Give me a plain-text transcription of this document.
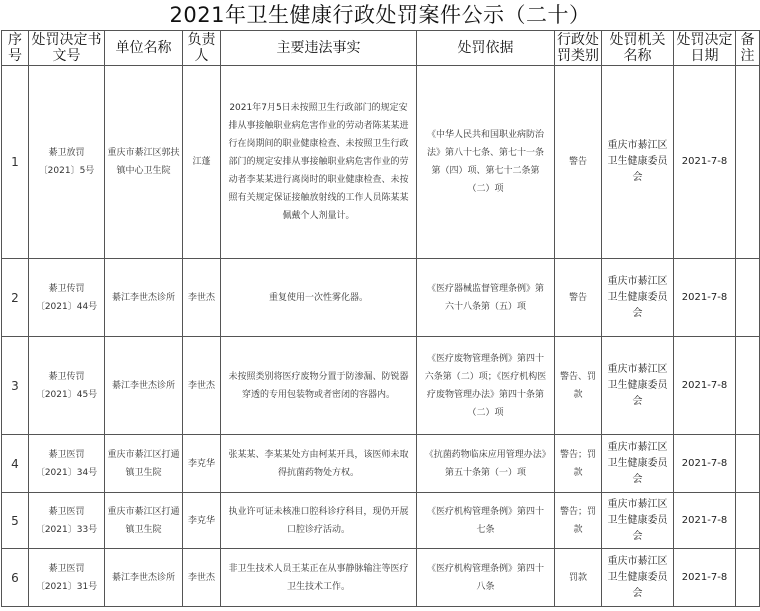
2021年卫生健康行政处罚案件公示（二十）
序号	处罚决定书文号	单位名称	负责人	主要违法事实	处罚依据	行政处罚类别	处罚机关名称	处罚决定日期	备注
1	綦卫放罚〔2021〕5号	重庆市綦江区郭扶镇中心卫生院	江蓬	2021年7月5日未按照卫生行政部门的规定安排从事接触职业病危害作业的劳动者陈某某进行在岗期间的职业健康检查、未按照卫生行政部门的规定安排从事接触职业病危害作业的劳动者李某某进行离岗时的职业健康检查、未按照有关规定保证接触放射线的工作人员陈某某佩戴个人剂量计。	《中华人民共和国职业病防治法》第八十七条、第七十一条第（四）项、第七十二条第（二）项	警告	重庆市綦江区卫生健康委员会	2021-7-8	
2	綦卫传罚〔2021〕44号	綦江李世杰诊所	李世杰	重复使用一次性雾化器。	《医疗器械监督管理条例》第六十八条第（五）项	警告	重庆市綦江区卫生健康委员会	2021-7-8	
3	綦卫传罚〔2021〕45号	綦江李世杰诊所	李世杰	未按照类别将医疗废物分置于防渗漏、防锐器穿透的专用包装物或者密闭的容器内。	《医疗废物管理条例》第四十六条第（二）项；《医疗机构医疗废物管理办法》第四十条第（二）项	警告、罚款	重庆市綦江区卫生健康委员会	2021-7-8	
4	綦卫医罚〔2021〕34号	重庆市綦江区打通镇卫生院	李克华	张某某、李某某处方由柯某开具，该医师未取得抗菌药物处方权。	《抗菌药物临床应用管理办法》第五十条第（一）项	警告；罚款	重庆市綦江区卫生健康委员会	2021-7-8	
5	綦卫医罚〔2021〕33号	重庆市綦江区打通镇卫生院	李克华	执业许可证未核准口腔科诊疗科目，现仍开展口腔诊疗活动。	《医疗机构管理条例》第四十七条	警告；罚款	重庆市綦江区卫生健康委员会	2021-7-8	
6	綦卫医罚〔2021〕31号	綦江李世杰诊所	李世杰	非卫生技术人员王某正在从事静脉输注等医疗卫生技术工作。	《医疗机构管理条例》第四十八条	罚款	重庆市綦江区卫生健康委员会	2021-7-8	
